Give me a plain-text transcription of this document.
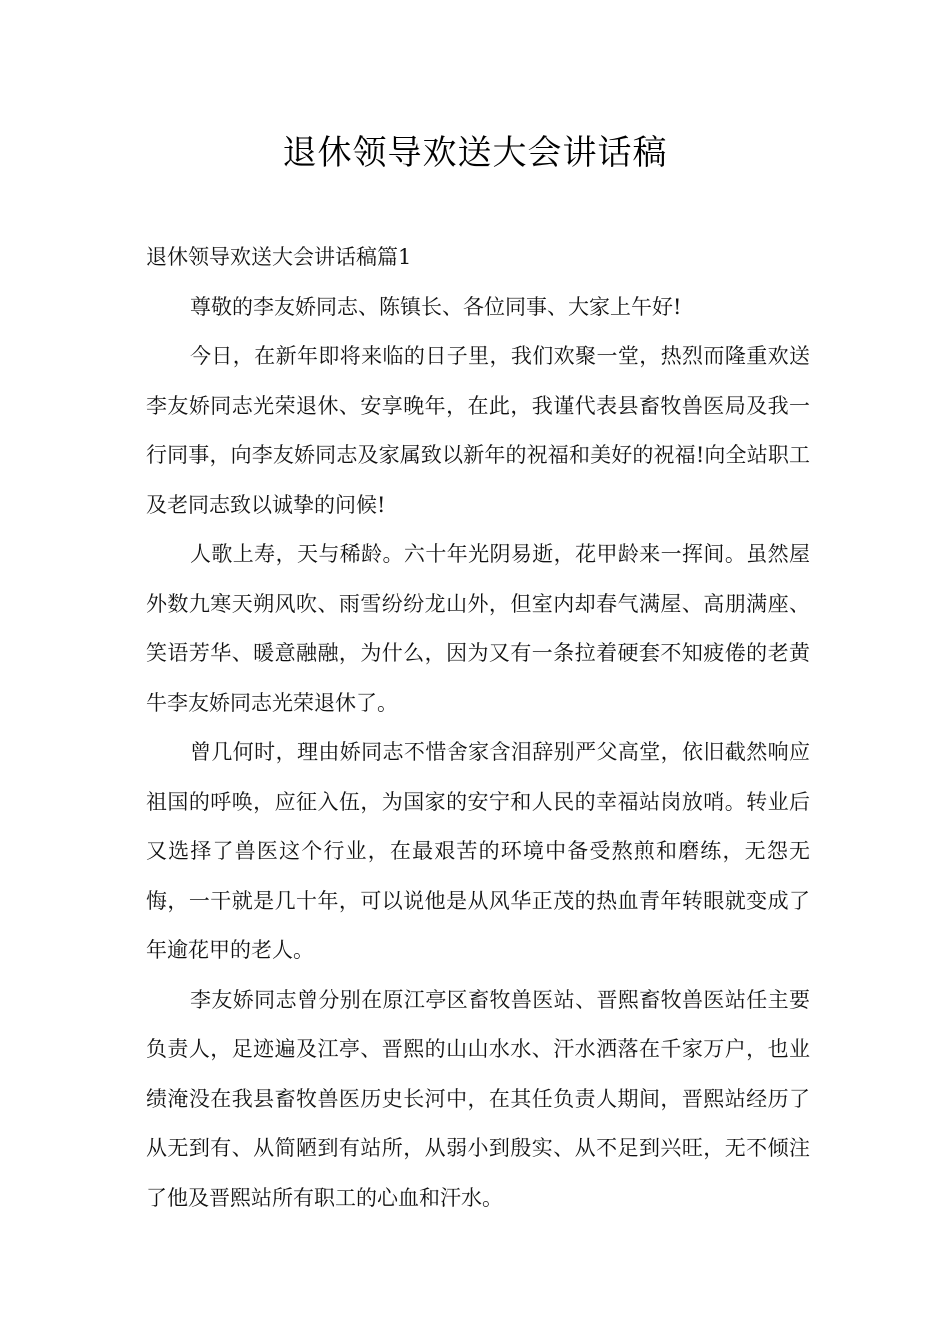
退休领导欢送大会讲话稿

退休领导欢送大会讲话稿篇1

尊敬的李友娇同志、陈镇长、各位同事、大家上午好!

今日，在新年即将来临的日子里，我们欢聚一堂，热烈而隆重欢送李友娇同志光荣退休、安享晚年，在此，我谨代表县畜牧兽医局及我一行同事，向李友娇同志及家属致以新年的祝福和美好的祝福!向全站职工及老同志致以诚挚的问候!

人歌上寿，天与稀龄。六十年光阴易逝，花甲龄来一挥间。虽然屋外数九寒天朔风吹、雨雪纷纷龙山外，但室内却春气满屋、高朋满座、笑语芳华、暖意融融，为什么，因为又有一条拉着硬套不知疲倦的老黄牛李友娇同志光荣退休了。

曾几何时，理由娇同志不惜舍家含泪辞别严父高堂，依旧截然响应祖国的呼唤，应征入伍，为国家的安宁和人民的幸福站岗放哨。转业后又选择了兽医这个行业，在最艰苦的环境中备受熬煎和磨练，无怨无悔，一干就是几十年，可以说他是从风华正茂的热血青年转眼就变成了年逾花甲的老人。

李友娇同志曾分别在原江亭区畜牧兽医站、晋熙畜牧兽医站任主要负责人，足迹遍及江亭、晋熙的山山水水、汗水洒落在千家万户，也业绩淹没在我县畜牧兽医历史长河中，在其任负责人期间，晋熙站经历了从无到有、从简陋到有站所，从弱小到殷实、从不足到兴旺，无不倾注了他及晋熙站所有职工的心血和汗水。
